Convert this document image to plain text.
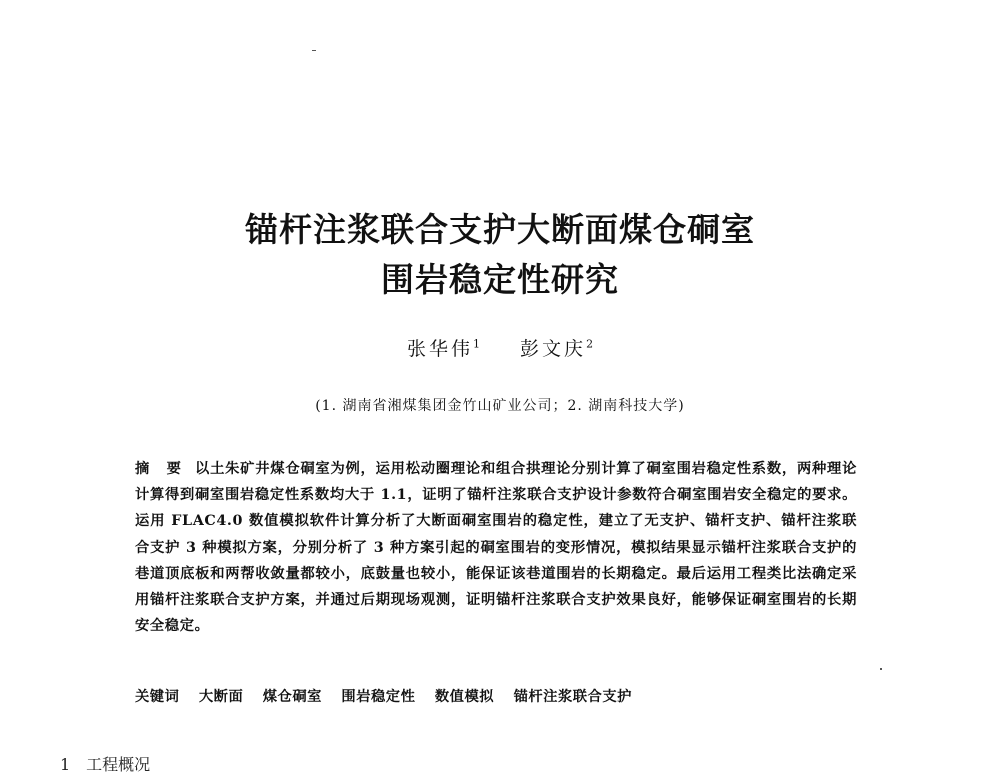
锚杆注浆联合支护大断面煤仓硐室
围岩稳定性研究
张华伟$^1$ 彭文庆$^2$
(1. 湖南省湘煤集团金竹山矿业公司；2. 湖南科技大学)
摘 要 以土朱矿井煤仓硐室为例，运用松动圈理论和组合拱理论分别计算了硐室围岩稳定性系数，两种理论计算得到硐室围岩稳定性系数均大于 1.1，证明了锚杆注浆联合支护设计参数符合硐室围岩安全稳定的要求。运用 FLAC4.0 数值模拟软件计算分析了大断面硐室围岩的稳定性，建立了无支护、锚杆支护、锚杆注浆联合支护 3 种模拟方案，分别分析了 3 种方案引起的硐室围岩的变形情况，模拟结果显示锚杆注浆联合支护的巷道顶底板和两帮收敛量都较小，底鼓量也较小，能保证该巷道围岩的长期稳定。最后运用工程类比法确定采用锚杆注浆联合支护方案，并通过后期现场观测，证明锚杆注浆联合支护效果良好，能够保证硐室围岩的长期安全稳定。
关键词 大断面 煤仓硐室 围岩稳定性 数值模拟 锚杆注浆联合支护
1　工程概况
